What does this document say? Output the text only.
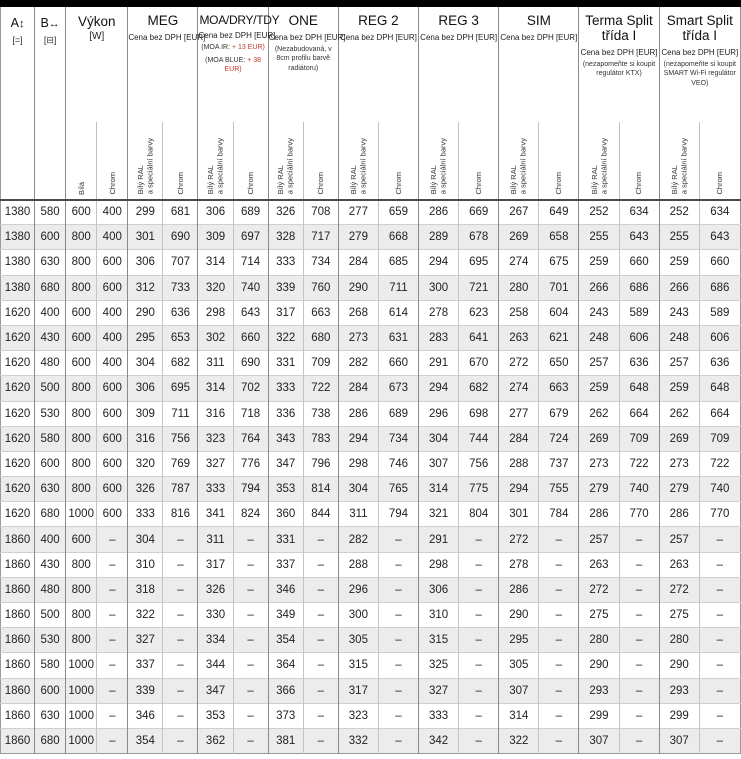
A↕
[=]
	B↔
[⊟]

Výkon
[W]

MEG
Cena bez DPH [EUR]

MOA/DRY/TDY
Cena bez DPH [EUR]
(MOA IR: + 13 EUR)
(MOA BLUE: + 38 EUR)

ONE
Cena bez DPH [EUR]
(Nezabudovaná, v 8cm profilu barvě radiátoru)

REG 2
Cena bez DPH [EUR]

REG 3
Cena bez DPH [EUR]

SIM
Cena bez DPH [EUR]

Terma Split třída I
Cena bez DPH [EUR]
(nezapomeňte si koupit regulátor KTX)

Smart Split třída I
Cena bez DPH [EUR]
(nezapomeňte si koupit SMART Wi-Fi regulátor VEO)

		Bílá	Chrom	Bílý RAL a speciální barvy	Chrom	Bílý RAL a speciální barvy	Chrom	Bílý RAL a speciální barvy	Chrom	Bílý RAL a speciální barvy	Chrom	Bílý RAL a speciální barvy	Chrom	Bílý RAL a speciální barvy	Chrom	Bílý RAL a speciální barvy	Chrom	Bílý RAL a speciální barvy	Chrom

1380	580	600	400	299	681	306	689	326	708	277	659	286	669	267	649	252	634	252	634
1380	600	800	400	301	690	309	697	328	717	279	668	289	678	269	658	255	643	255	643
1380	630	800	600	306	707	314	714	333	734	284	685	294	695	274	675	259	660	259	660
1380	680	800	600	312	733	320	740	339	760	290	711	300	721	280	701	266	686	266	686
1620	400	600	400	290	636	298	643	317	663	268	614	278	623	258	604	243	589	243	589
1620	430	600	400	295	653	302	660	322	680	273	631	283	641	263	621	248	606	248	606
1620	480	600	400	304	682	311	690	331	709	282	660	291	670	272	650	257	636	257	636
1620	500	800	600	306	695	314	702	333	722	284	673	294	682	274	663	259	648	259	648
1620	530	800	600	309	711	316	718	336	738	286	689	296	698	277	679	262	664	262	664
1620	580	800	600	316	756	323	764	343	783	294	734	304	744	284	724	269	709	269	709
1620	600	800	600	320	769	327	776	347	796	298	746	307	756	288	737	273	722	273	722
1620	630	800	600	326	787	333	794	353	814	304	765	314	775	294	755	279	740	279	740
1620	680	1000	600	333	816	341	824	360	844	311	794	321	804	301	784	286	770	286	770
1860	400	600	–	304	–	311	–	331	–	282	–	291	–	272	–	257	–	257	–
1860	430	800	–	310	–	317	–	337	–	288	–	298	–	278	–	263	–	263	–
1860	480	800	–	318	–	326	–	346	–	296	–	306	–	286	–	272	–	272	–
1860	500	800	–	322	–	330	–	349	–	300	–	310	–	290	–	275	–	275	–
1860	530	800	–	327	–	334	–	354	–	305	–	315	–	295	–	280	–	280	–
1860	580	1000	–	337	–	344	–	364	–	315	–	325	–	305	–	290	–	290	–
1860	600	1000	–	339	–	347	–	366	–	317	–	327	–	307	–	293	–	293	–
1860	630	1000	–	346	–	353	–	373	–	323	–	333	–	314	–	299	–	299	–
1860	680	1000	–	354	–	362	–	381	–	332	–	342	–	322	–	307	–	307	–
